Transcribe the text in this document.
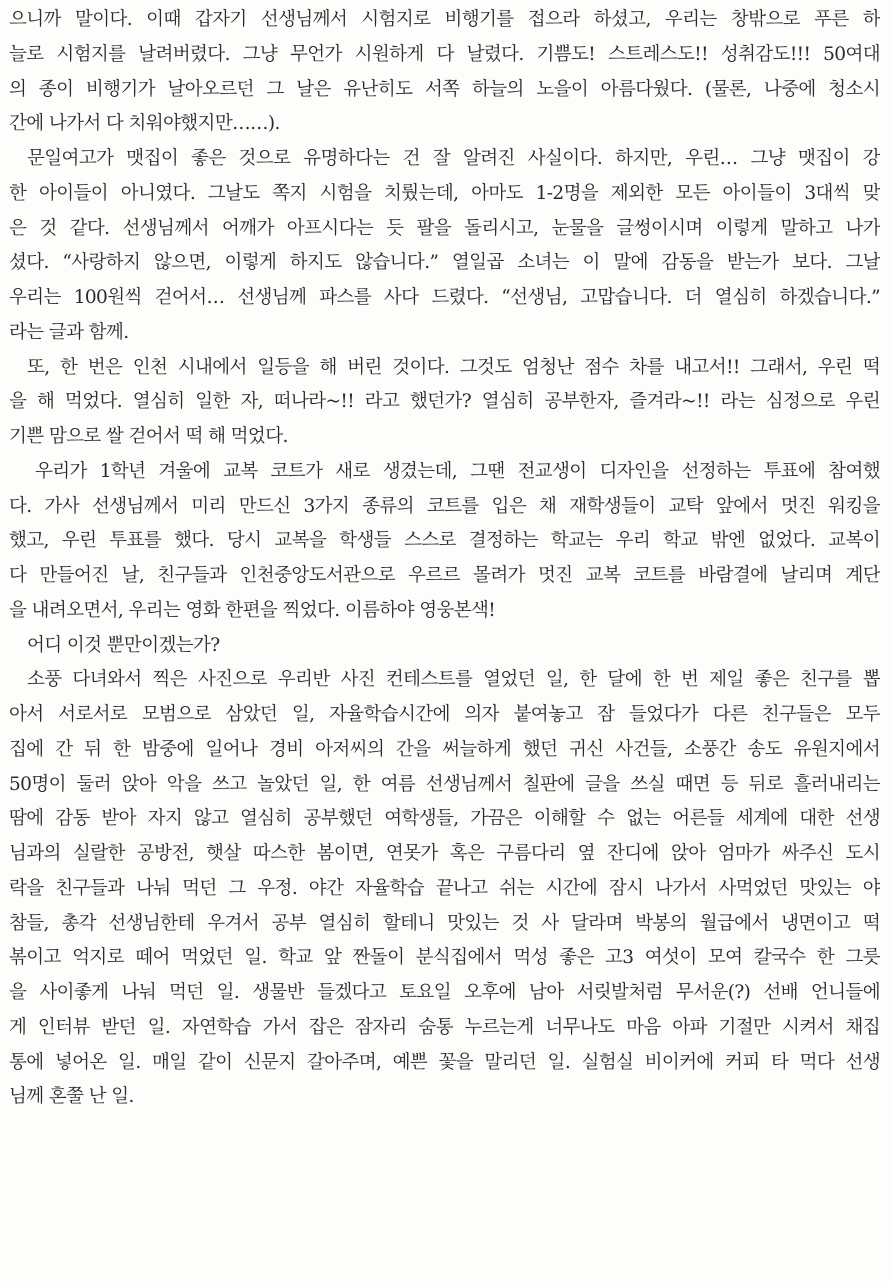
으니까 말이다. 이때 갑자기 선생님께서 시험지로 비행기를 접으라 하셨고, 우리는 창밖으로 푸른 하
늘로 시험지를 날려버렸다. 그냥 무언가 시원하게 다 날렸다. 기쁨도! 스트레스도!! 성취감도!!! 50여대
의 종이 비행기가 날아오르던 그 날은 유난히도 서쪽 하늘의 노을이 아름다웠다. (물론, 나중에 청소시
간에 나가서 다 치워야했지만……).
문일여고가 맷집이 좋은 것으로 유명하다는 건 잘 알려진 사실이다. 하지만, 우린… 그냥 맷집이 강
한 아이들이 아니였다. 그날도 쪽지 시험을 치뤘는데, 아마도 1-2명을 제외한 모든 아이들이 3대씩 맞
은 것 같다. 선생님께서 어깨가 아프시다는 듯 팔을 돌리시고, 눈물을 글썽이시며 이렇게 말하고 나가
셨다. “사랑하지 않으면, 이렇게 하지도 않습니다.” 열일곱 소녀는 이 말에 감동을 받는가 보다. 그날
우리는 100원씩 걷어서… 선생님께 파스를 사다 드렸다. “선생님, 고맙습니다. 더 열심히 하겠습니다.”
라는 글과 함께.
또, 한 번은 인천 시내에서 일등을 해 버린 것이다. 그것도 엄청난 점수 차를 내고서!! 그래서, 우린 떡
을 해 먹었다. 열심히 일한 자, 떠나라~!! 라고 했던가? 열심히 공부한자, 즐겨라~!! 라는 심정으로 우린
기쁜 맘으로 쌀 걷어서 떡 해 먹었다.
우리가 1학년 겨울에 교복 코트가 새로 생겼는데, 그땐 전교생이 디자인을 선정하는 투표에 참여했
다. 가사 선생님께서 미리 만드신 3가지 종류의 코트를 입은 채 재학생들이 교탁 앞에서 멋진 워킹을
했고, 우린 투표를 했다. 당시 교복을 학생들 스스로 결정하는 학교는 우리 학교 밖엔 없었다. 교복이
다 만들어진 날, 친구들과 인천중앙도서관으로 우르르 몰려가 멋진 교복 코트를 바람결에 날리며 계단
을 내려오면서, 우리는 영화 한편을 찍었다. 이름하야 영웅본색!
어디 이것 뿐만이겠는가?
소풍 다녀와서 찍은 사진으로 우리반 사진 컨테스트를 열었던 일, 한 달에 한 번 제일 좋은 친구를 뽑
아서 서로서로 모범으로 삼았던 일, 자율학습시간에 의자 붙여놓고 잠 들었다가 다른 친구들은 모두
집에 간 뒤 한 밤중에 일어나 경비 아저씨의 간을 써늘하게 했던 귀신 사건들, 소풍간 송도 유원지에서
50명이 둘러 앉아 악을 쓰고 놀았던 일, 한 여름 선생님께서 칠판에 글을 쓰실 때면 등 뒤로 흘러내리는
땀에 감동 받아 자지 않고 열심히 공부했던 여학생들, 가끔은 이해할 수 없는 어른들 세계에 대한 선생
님과의 실랄한 공방전, 햇살 따스한 봄이면, 연못가 혹은 구름다리 옆 잔디에 앉아 엄마가 싸주신 도시
락을 친구들과 나눠 먹던 그 우정. 야간 자율학습 끝나고 쉬는 시간에 잠시 나가서 사먹었던 맛있는 야
참들, 총각 선생님한테 우겨서 공부 열심히 할테니 맛있는 것 사 달라며 박봉의 월급에서 냉면이고 떡
볶이고 억지로 떼어 먹었던 일. 학교 앞 짠돌이 분식집에서 먹성 좋은 고3 여섯이 모여 칼국수 한 그릇
을 사이좋게 나눠 먹던 일. 생물반 들겠다고 토요일 오후에 남아 서릿발처럼 무서운(?) 선배 언니들에
게 인터뷰 받던 일. 자연학습 가서 잡은 잠자리 숨통 누르는게 너무나도 마음 아파 기절만 시켜서 채집
통에 넣어온 일. 매일 같이 신문지 갈아주며, 예쁜 꽃을 말리던 일. 실험실 비이커에 커피 타 먹다 선생
님께 혼쭐 난 일.
